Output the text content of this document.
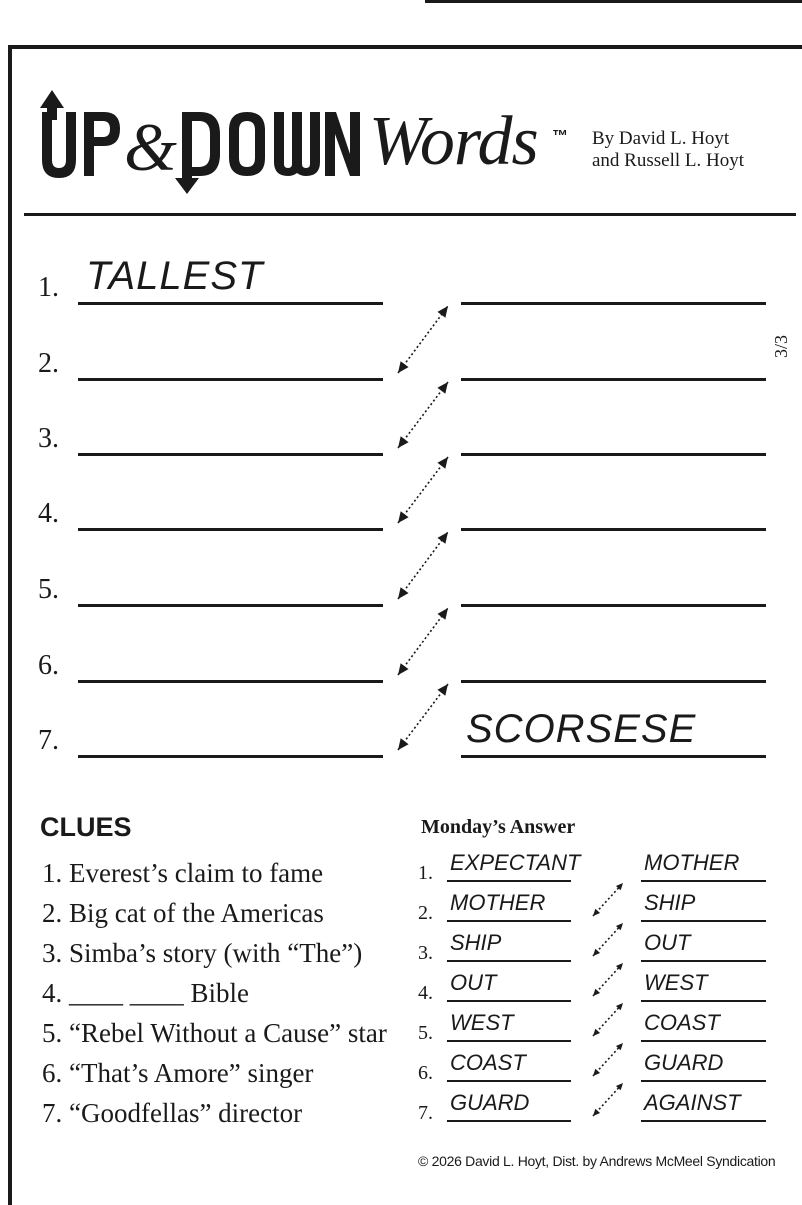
&	Words ™ By David L. Hoyt
and Russell L. Hoyt
3/3
1. TALLEST
2.
3.
4.
5.
6.
7.	SCORSESE
CLUES
1. Everest’s claim to fame
2. Big cat of the Americas
3. Simba’s story (with “The”)
4. ____ ____ Bible
5. “Rebel Without a Cause” star
6. “That’s Amore” singer
7. “Goodfellas” director
Monday’s Answer
1. EXPECTANT	MOTHER
2. MOTHER	SHIP
3. SHIP	OUT
4. OUT	WEST
5. WEST	COAST
6. COAST	GUARD
7. GUARD	AGAINST
© 2026 David L. Hoyt, Dist. by Andrews McMeel Syndication
